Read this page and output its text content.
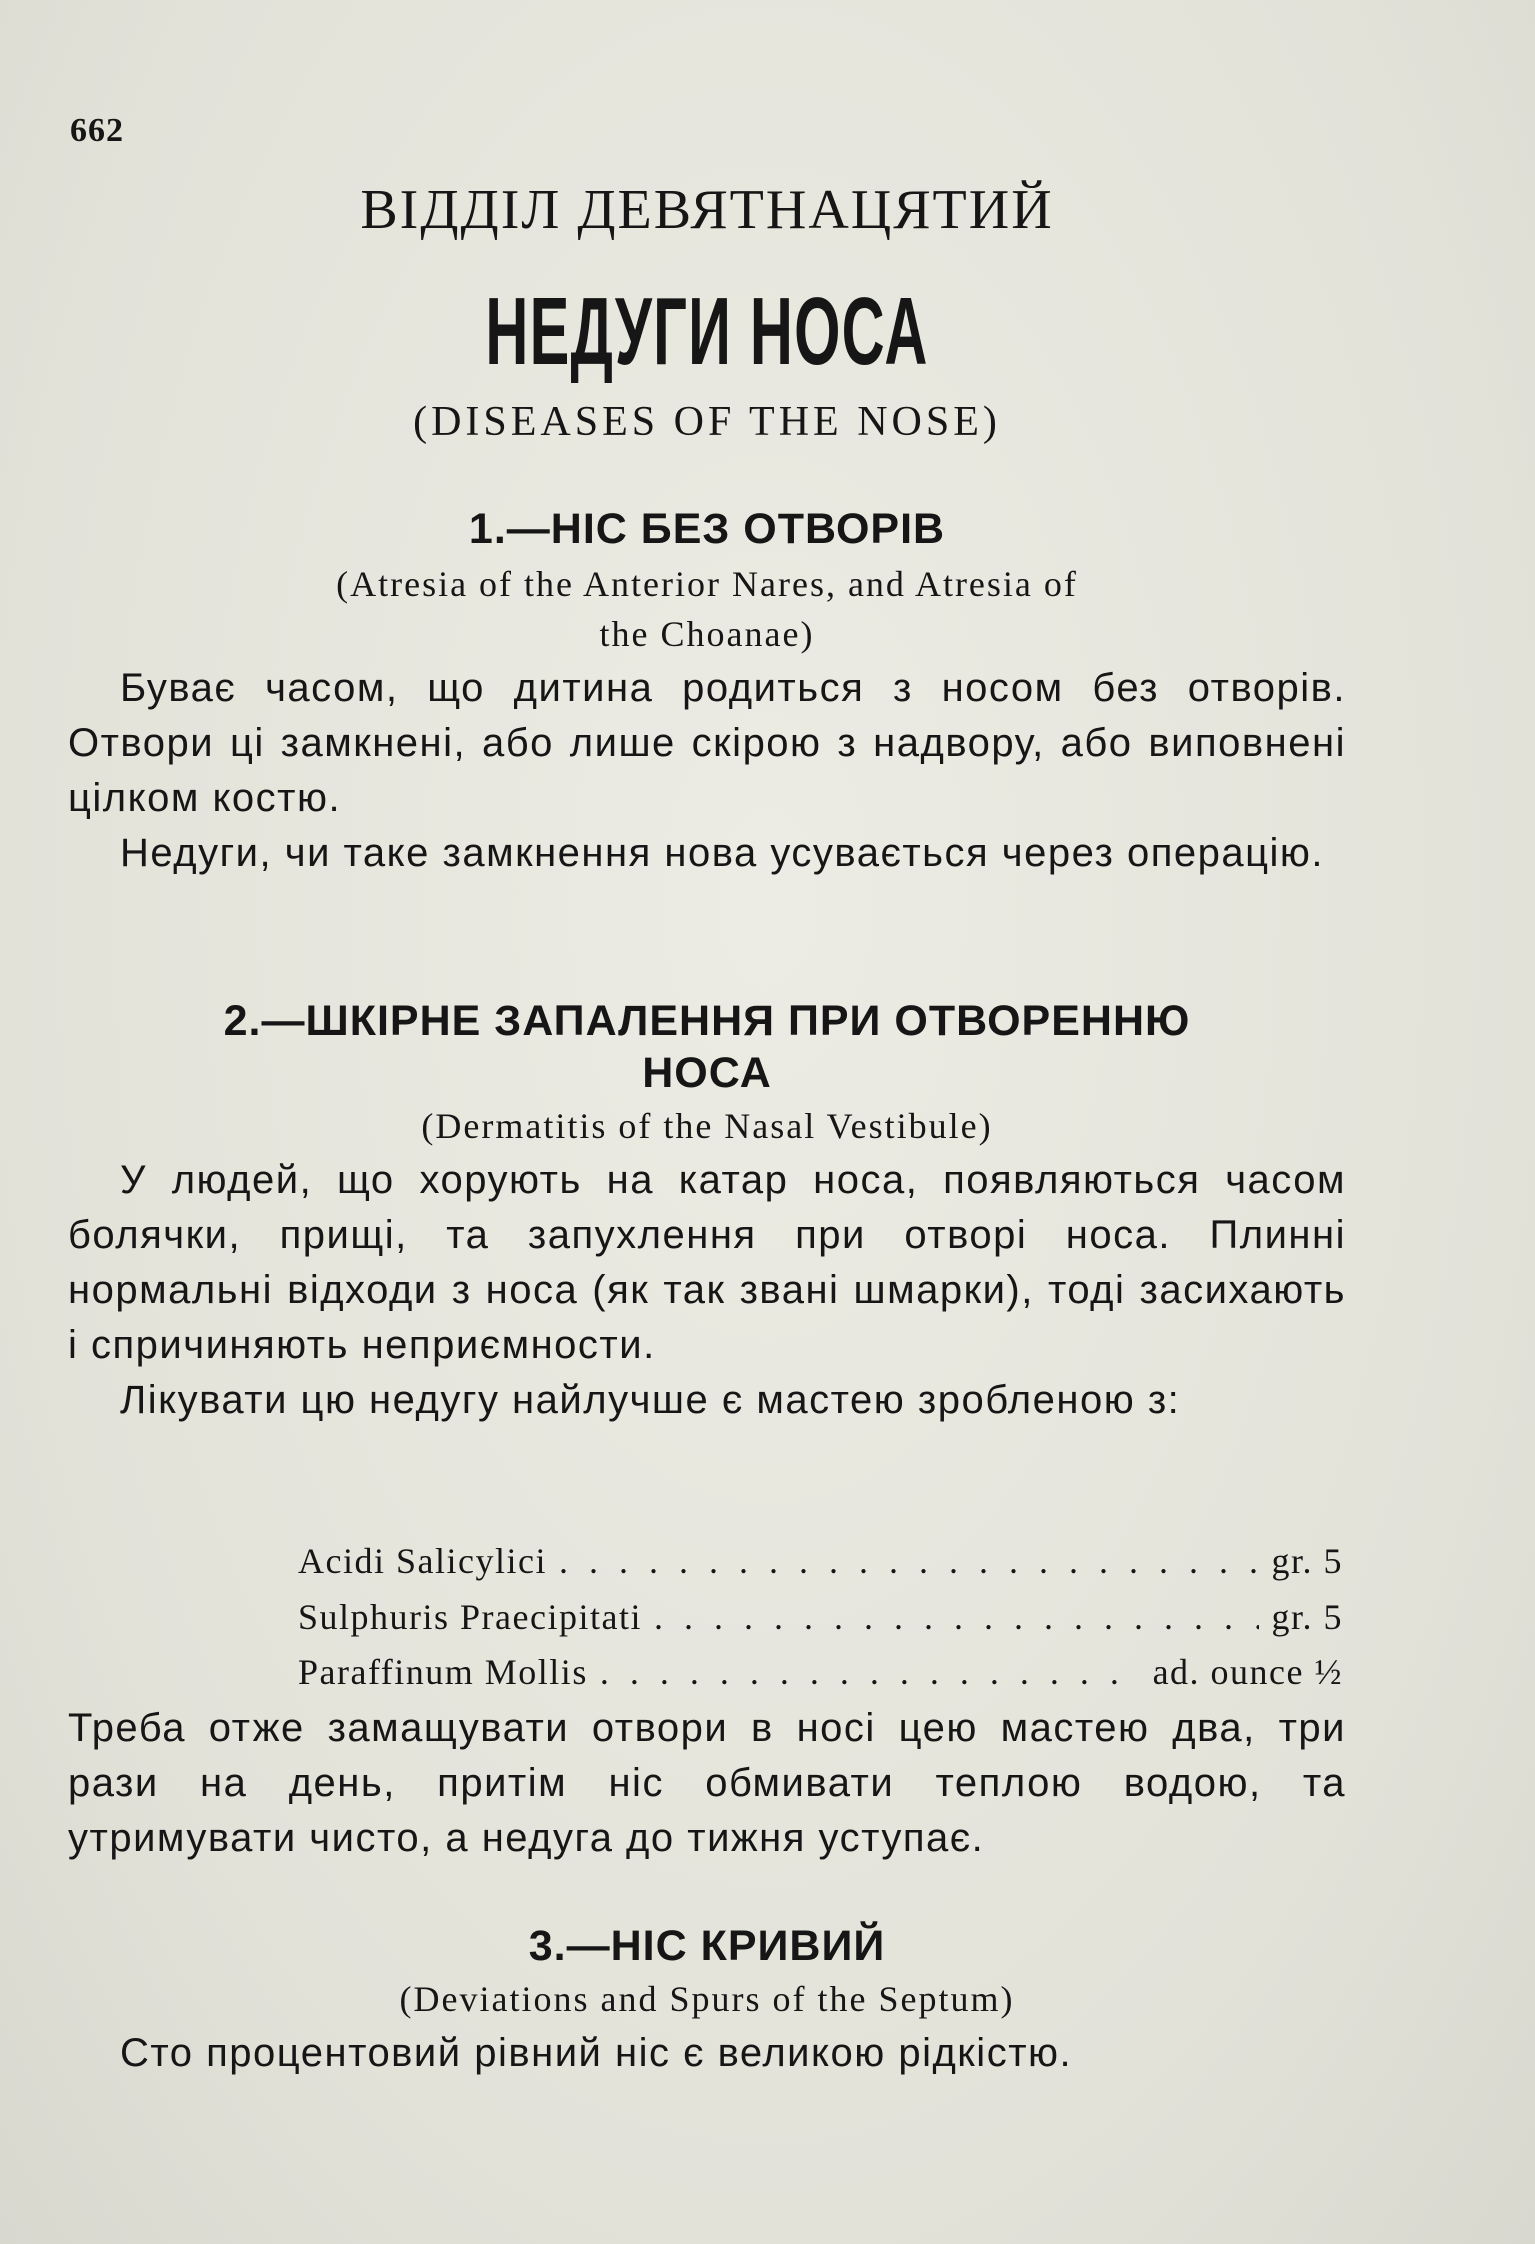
662
ВІДДІЛ ДЕВЯТНАЦЯТИЙ
НЕДУГИ НОСА
(DISEASES OF THE NOSE)
1.—НІС БЕЗ ОТВОРІВ
(Atresia of the Anterior Nares, and Atresia of
the Choanae)

Буває часом, що дитина родиться з носом без отворів. Отвори ці замкнені, або лише скірою з надвору, або виповнені цілком костю.

Недуги, чи таке замкнення нова усувається через операцію.

2.—ШКІРНЕ ЗАПАЛЕННЯ ПРИ ОТВОРЕННЮ
НОСА
(Dermatitis of the Nasal Vestibule)

У людей, що хорують на катар носа, появляються часом болячки, прищі, та запухлення при отворі носа. Плинні нормальні відходи з носа (як так звані шмарки), тоді засихають і спричиняють неприємности.

Лікувати цю недугу найлучше є мастею зробленою з:

Acidi Salicylici . . .	gr. 5
Sulphuris Praecipitati . . .	gr. 5
Paraffinum Mollis . . .	ad. ounce ½

Треба отже замащувати отвори в носі цею мастею два, три рази на день, притім ніс обмивати теплою водою, та утримувати чисто, а недуга до тижня уступає.

3.—НІС КРИВИЙ
(Deviations and Spurs of the Septum)

Сто процентовий рівний ніс є великою рідкістю.
